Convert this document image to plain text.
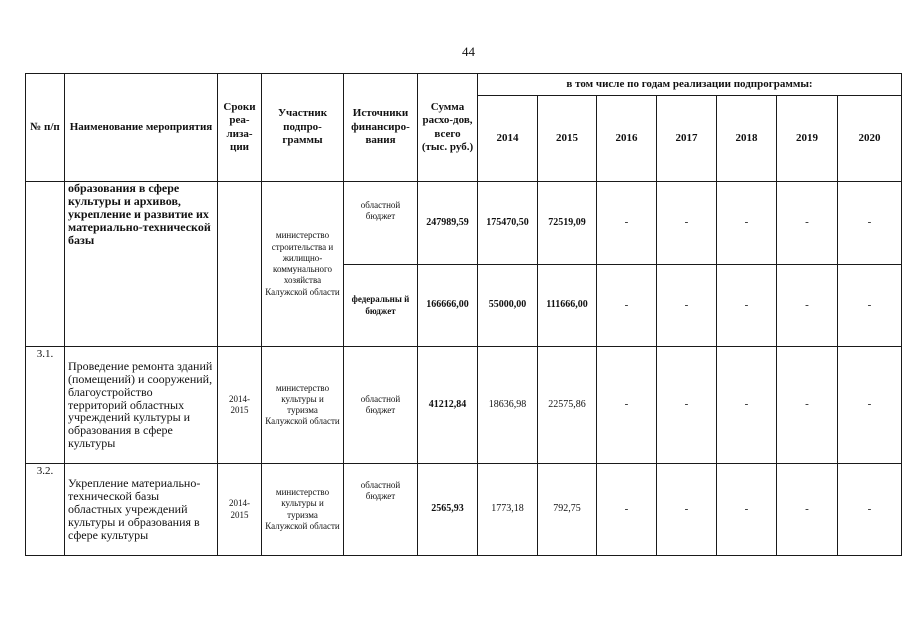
44
№ п/п	Наименование мероприятия	Сроки реа-лиза-ции	Участник подпро-граммы	Источники финансиро-вания	Сумма расхо-дов, всего (тыс. руб.)	в том числе по годам реализации подпрограммы:						
						2014	2015	2016	2017	2018	2019	2020
	образования в сфере культуры и архивов, укрепление и развитие их материально-технической базы		министерство строительства и жилищно-коммунального хозяйства Калужской области	областной бюджет	247989,59	175470,50	72519,09	-	-	-	-	-
				федеральны й бюджет	166666,00	55000,00	111666,00	-	-	-	-	-
3.1.	Проведение ремонта зданий (помещений) и сооружений, благоустройство территорий областных учреждений культуры и образования в сфере культуры	2014-2015	министерство культуры и туризма Калужской области	областной бюджет	41212,84	18636,98	22575,86	-	-	-	-	-
3.2.	Укрепление материально-технической базы областных учреждений культуры и образования в сфере культуры	2014-2015	министерство культуры и туризма Калужской области	областной бюджет	2565,93	1773,18	792,75	-	-	-	-	-
